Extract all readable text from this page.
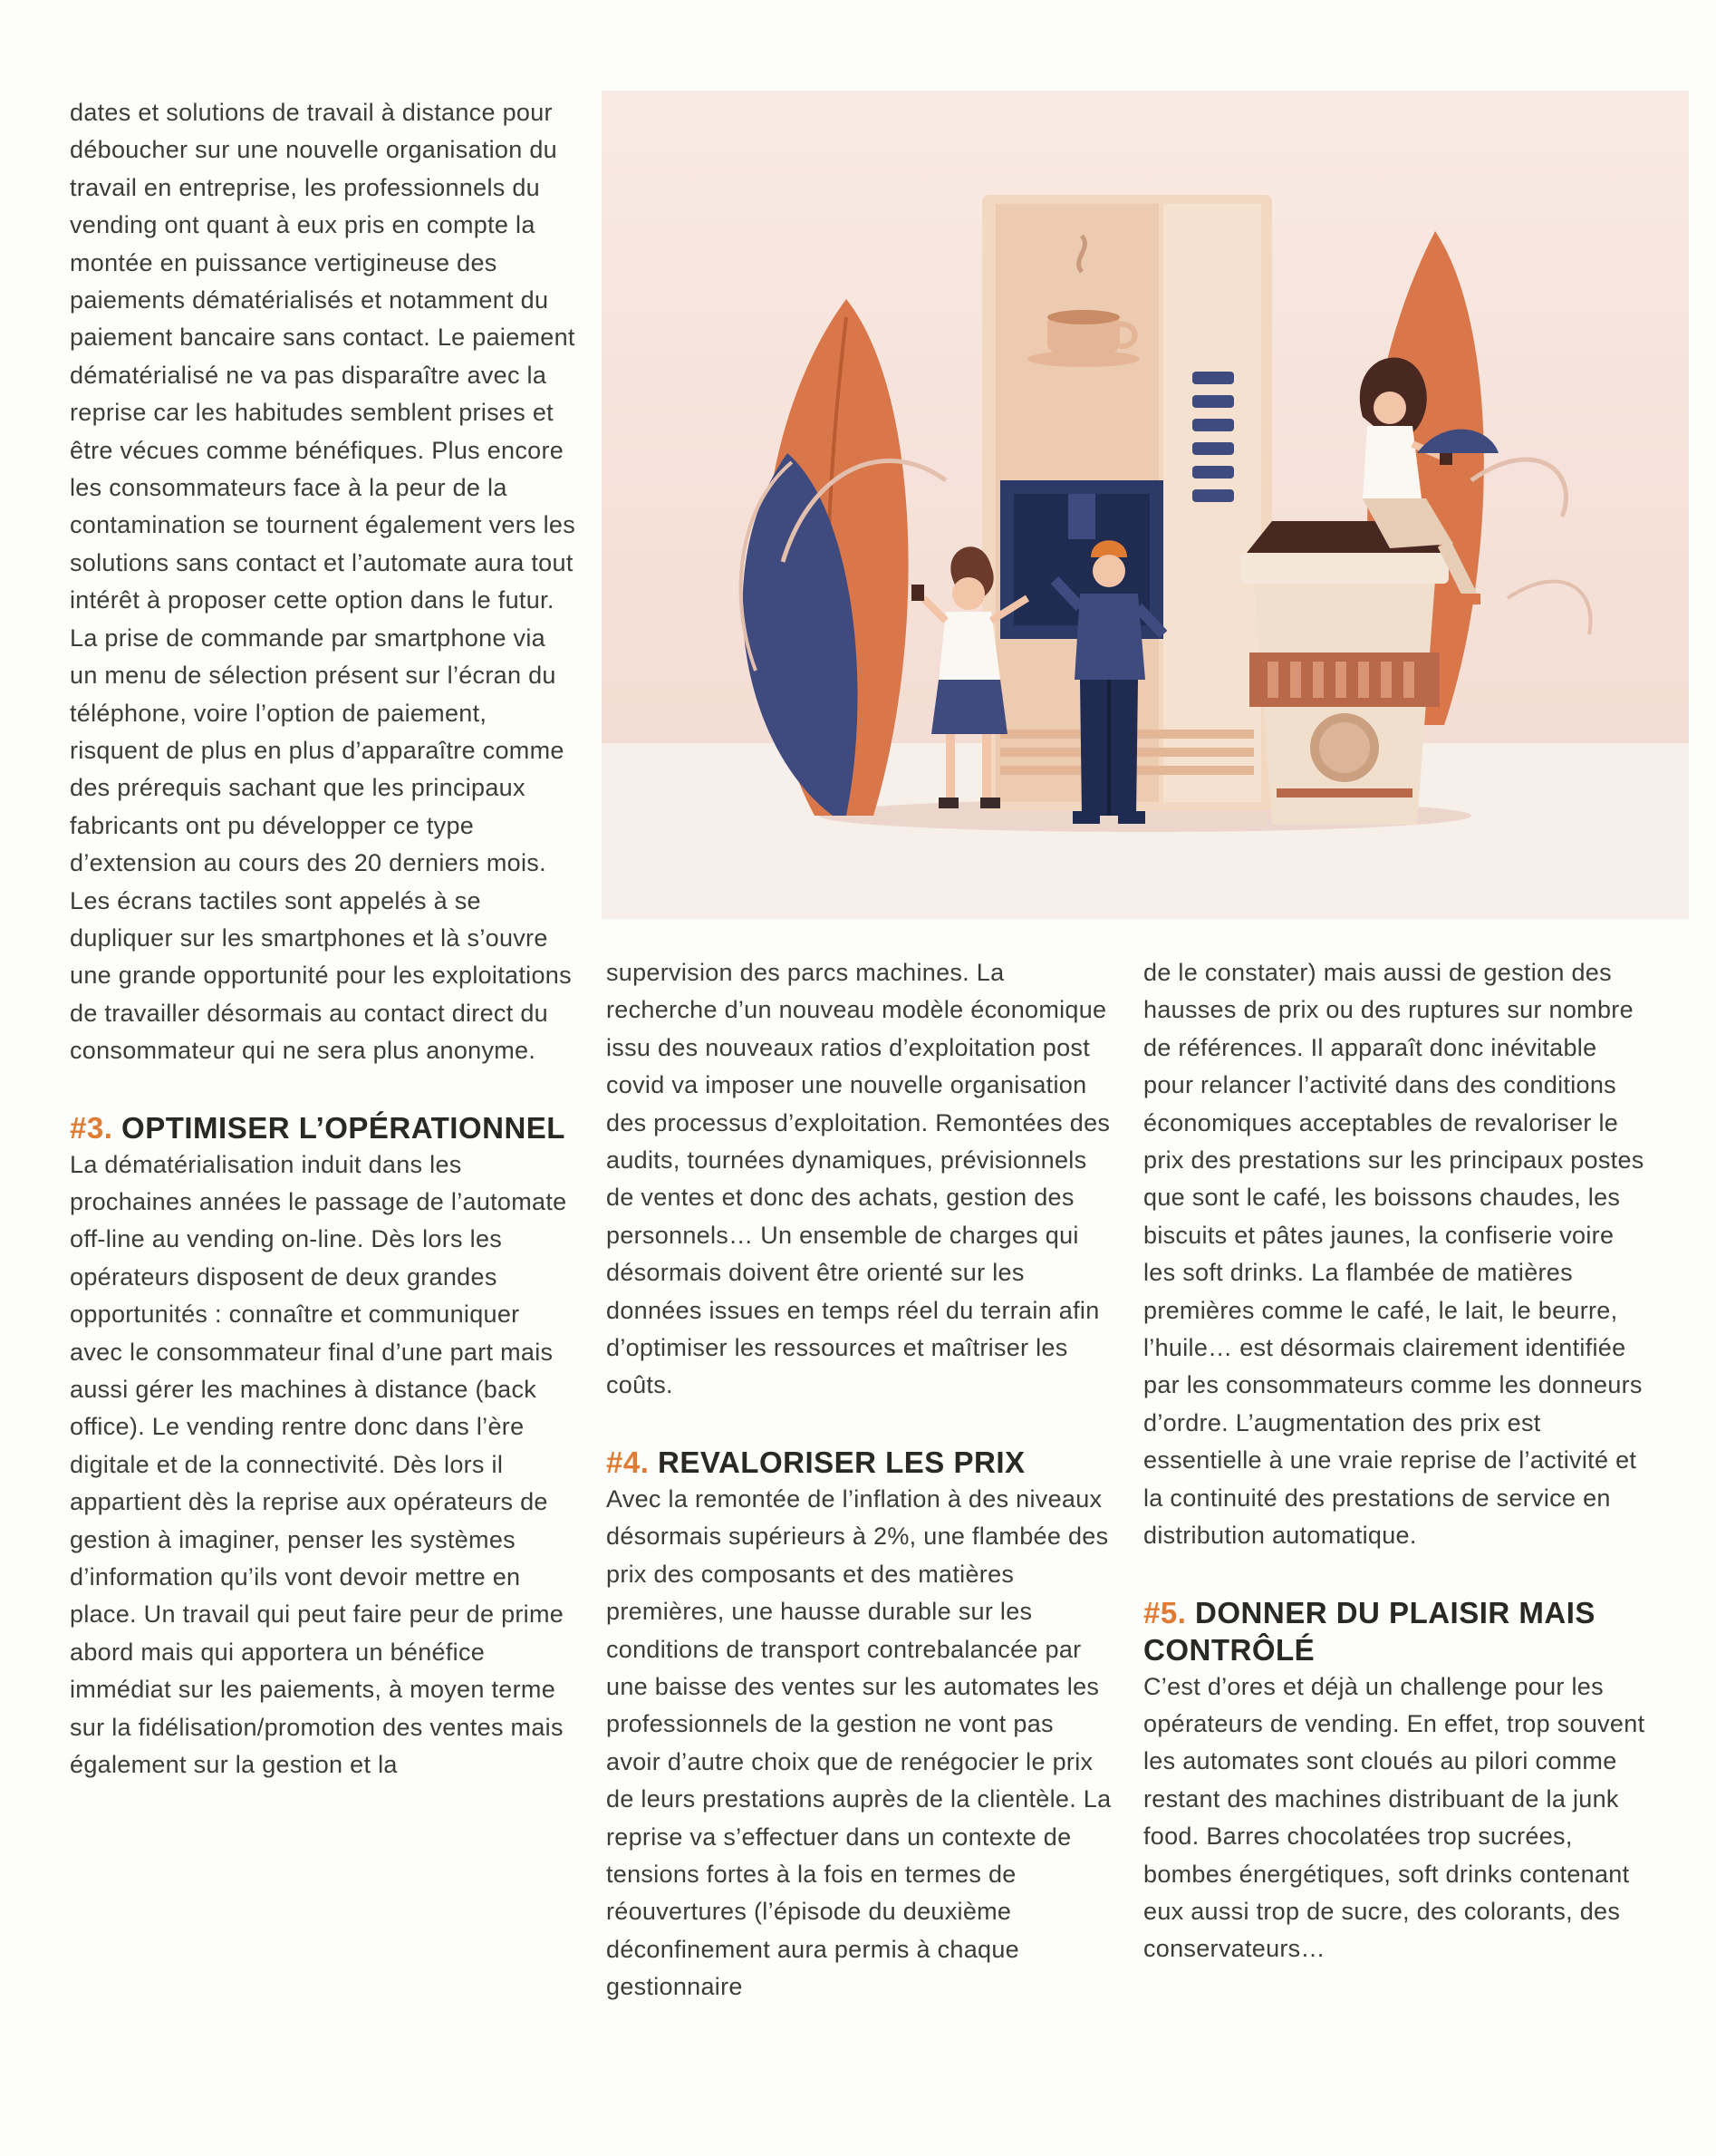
dates et solutions de travail à distance pour déboucher sur une nouvelle organisation du travail en entreprise, les professionnels du vending ont quant à eux pris en compte la montée en puissance vertigineuse des paiements dématérialisés et notamment du paiement bancaire sans contact. Le paiement dématérialisé ne va pas disparaître avec la reprise car les habitudes semblent prises et être vécues comme bénéfiques. Plus encore les consommateurs face à la peur de la contamination se tournent également vers les solutions sans contact et l’automate aura tout intérêt à proposer cette option dans le futur. La prise de commande par smartphone via un menu de sélection présent sur l’écran du téléphone, voire l’option de paiement, risquent de plus en plus d’apparaître comme des prérequis sachant que les principaux fabricants ont pu développer ce type d’extension au cours des 20 derniers mois. Les écrans tactiles sont appelés à se dupliquer sur les smartphones et là s’ouvre une grande opportunité pour les exploitations de travailler désormais au contact direct du consommateur qui ne sera plus anonyme.

#3. OPTIMISER L’OPÉRATIONNEL

La dématérialisation induit dans les prochaines années le passage de l’automate off-line au vending on-line. Dès lors les opérateurs disposent de deux grandes opportunités : connaître et communiquer avec le consommateur final d’une part mais aussi gérer les machines à distance (back office). Le vending rentre donc dans l’ère digitale et de la connectivité. Dès lors il appartient dès la reprise aux opérateurs de gestion à imaginer, penser les systèmes d’information qu’ils vont devoir mettre en place. Un travail qui peut faire peur de prime abord mais qui apportera un bénéfice immédiat sur les paiements, à moyen terme sur la fidélisation/promotion des ventes mais également sur la gestion et la

supervision des parcs machines. La recherche d’un nouveau modèle économique issu des nouveaux ratios d’exploitation post covid va imposer une nouvelle organisation des processus d’exploitation. Remontées des audits, tournées dynamiques, prévisionnels de ventes et donc des achats, gestion des personnels… Un ensemble de charges qui désormais doivent être orienté sur les données issues en temps réel du terrain afin d’optimiser les ressources et maîtriser les coûts.

#4. REVALORISER LES PRIX

Avec la remontée de l’inflation à des niveaux désormais supérieurs à 2%, une flambée des prix des composants et des matières premières, une hausse durable sur les conditions de transport contrebalancée par une baisse des ventes sur les automates les professionnels de la gestion ne vont pas avoir d’autre choix que de renégocier le prix de leurs prestations auprès de la clientèle. La reprise va s’effectuer dans un contexte de tensions fortes à la fois en termes de réouvertures (l’épisode du deuxième déconfinement aura permis à chaque gestionnaire

de le constater) mais aussi de gestion des hausses de prix ou des ruptures sur nombre de références. Il apparaît donc inévitable pour relancer l’activité dans des conditions économiques acceptables de revaloriser le prix des prestations sur les principaux postes que sont le café, les boissons chaudes, les biscuits et pâtes jaunes, la confiserie voire les soft drinks. La flambée de matières premières comme le café, le lait, le beurre, l’huile… est désormais clairement identifiée par les consommateurs comme les donneurs d’ordre. L’augmentation des prix est essentielle à une vraie reprise de l’activité et la continuité des prestations de service en distribution automatique.

#5. DONNER DU PLAISIR MAIS CONTRÔLÉ

C’est d’ores et déjà un challenge pour les opérateurs de vending. En effet, trop souvent les automates sont cloués au pilori comme restant des machines distribuant de la junk food. Barres chocolatées trop sucrées, bombes énergétiques, soft drinks contenant eux aussi trop de sucre, des colorants, des conservateurs…
